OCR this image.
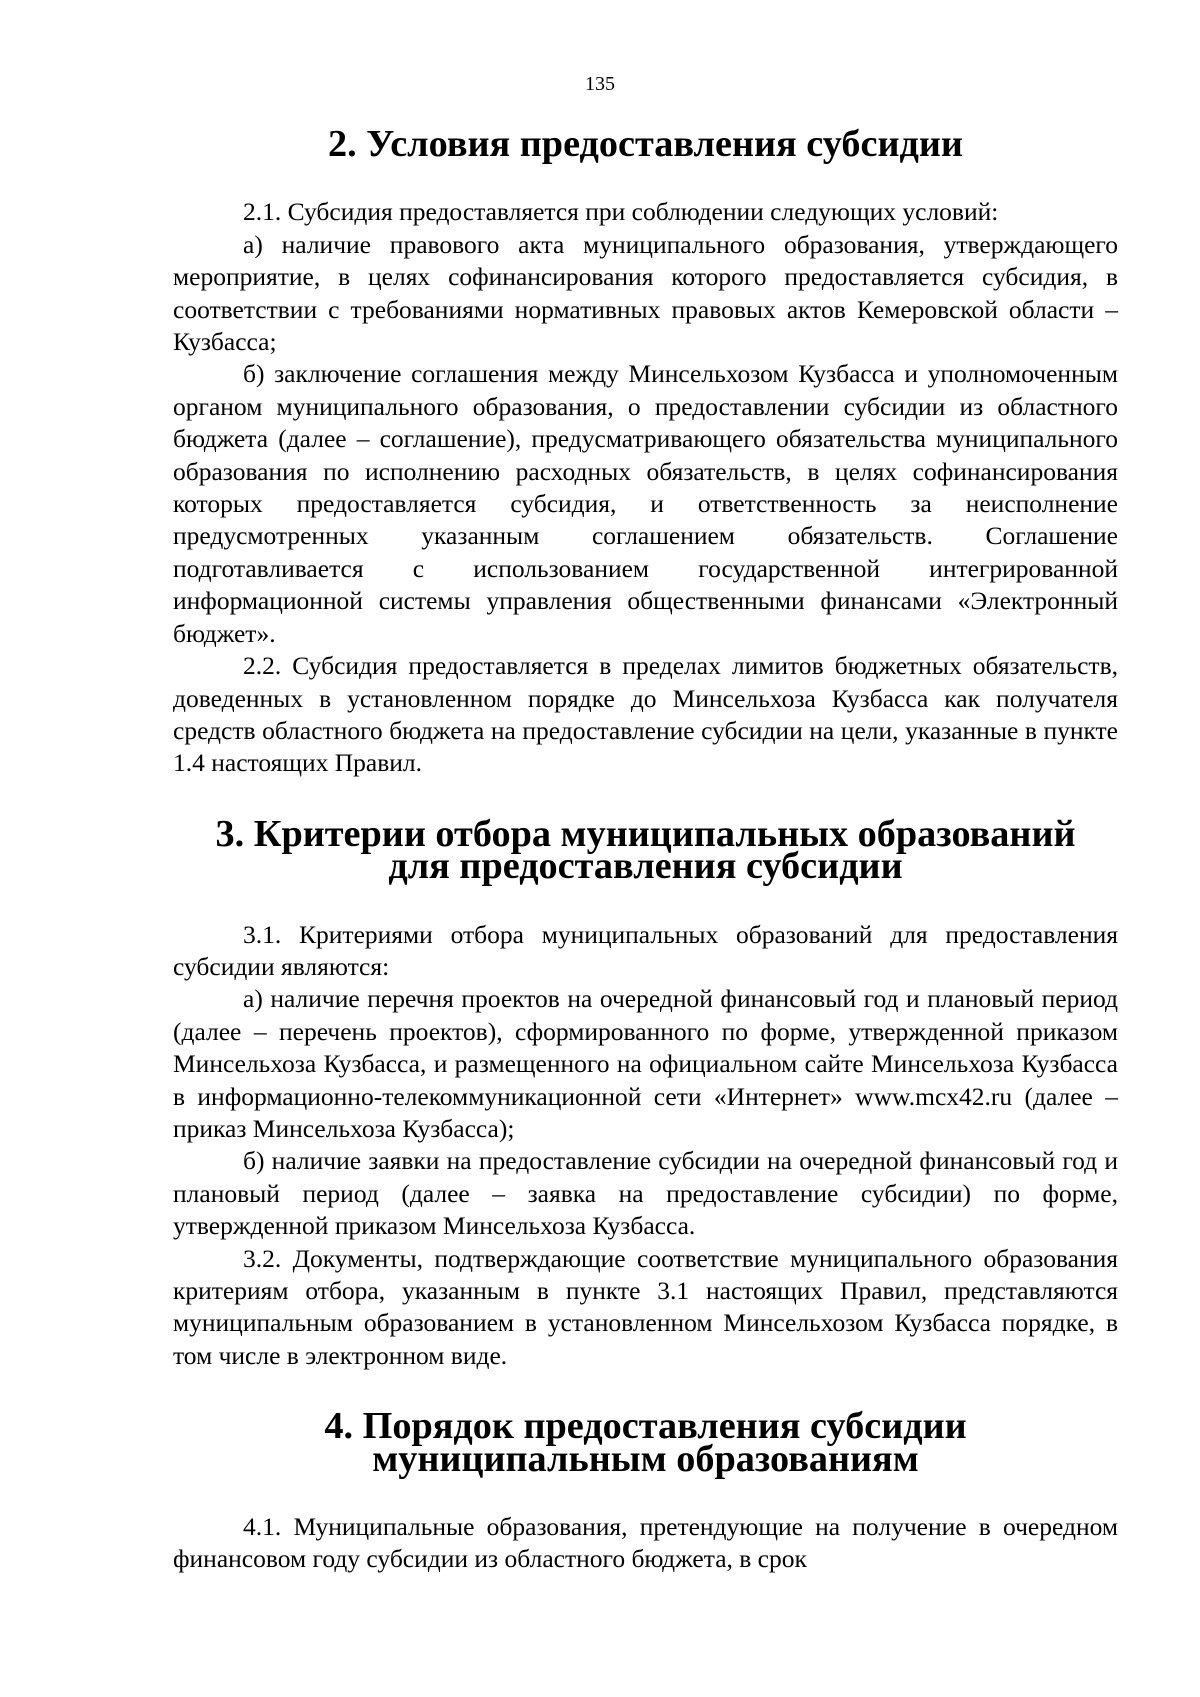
135
2. Условия предоставления субсидии

2.1. Субсидия предоставляется при соблюдении следующих условий:

а) наличие правового акта муниципального образования, утверждающего мероприятие, в целях софинансирования которого предоставляется субсидия, в соответствии с требованиями нормативных правовых актов Кемеровской области – Кузбасса;

б) заключение соглашения между Минсельхозом Кузбасса и уполномоченным органом муниципального образования, о предоставлении субсидии из областного бюджета (далее – соглашение), предусматривающего обязательства муниципального образования по исполнению расходных обязательств, в целях софинансирования которых предоставляется субсидия, и ответственность за неисполнение предусмотренных указанным соглашением обязательств. Соглашение подготавливается с использованием государственной интегрированной информационной системы управления общественными финансами «Электронный бюджет».

2.2. Субсидия предоставляется в пределах лимитов бюджетных обязательств, доведенных в установленном порядке до Минсельхоза Кузбасса как получателя средств областного бюджета на предоставление субсидии на цели, указанные в пункте 1.4 настоящих Правил.

3. Критерии отбора муниципальных образований
для предоставления субсидии

3.1. Критериями отбора муниципальных образований для предоставления субсидии являются:

а) наличие перечня проектов на очередной финансовый год и плановый период (далее – перечень проектов), сформированного по форме, утвержденной приказом Минсельхоза Кузбасса, и размещенного на официальном сайте Минсельхоза Кузбасса в информационно-телекоммуникационной сети «Интернет» www.mcx42.ru (далее – приказ Минсельхоза Кузбасса);

б) наличие заявки на предоставление субсидии на очередной финансовый год и плановый период (далее – заявка на предоставление субсидии) по форме, утвержденной приказом Минсельхоза Кузбасса.

3.2. Документы, подтверждающие соответствие муниципального образования критериям отбора, указанным в пункте 3.1 настоящих Правил, представляются муниципальным образованием в установленном Минсельхозом Кузбасса порядке, в том числе в электронном виде.

4. Порядок предоставления субсидии
муниципальным образованиям

4.1. Муниципальные образования, претендующие на получение в очередном финансовом году субсидии из областного бюджета, в срок
